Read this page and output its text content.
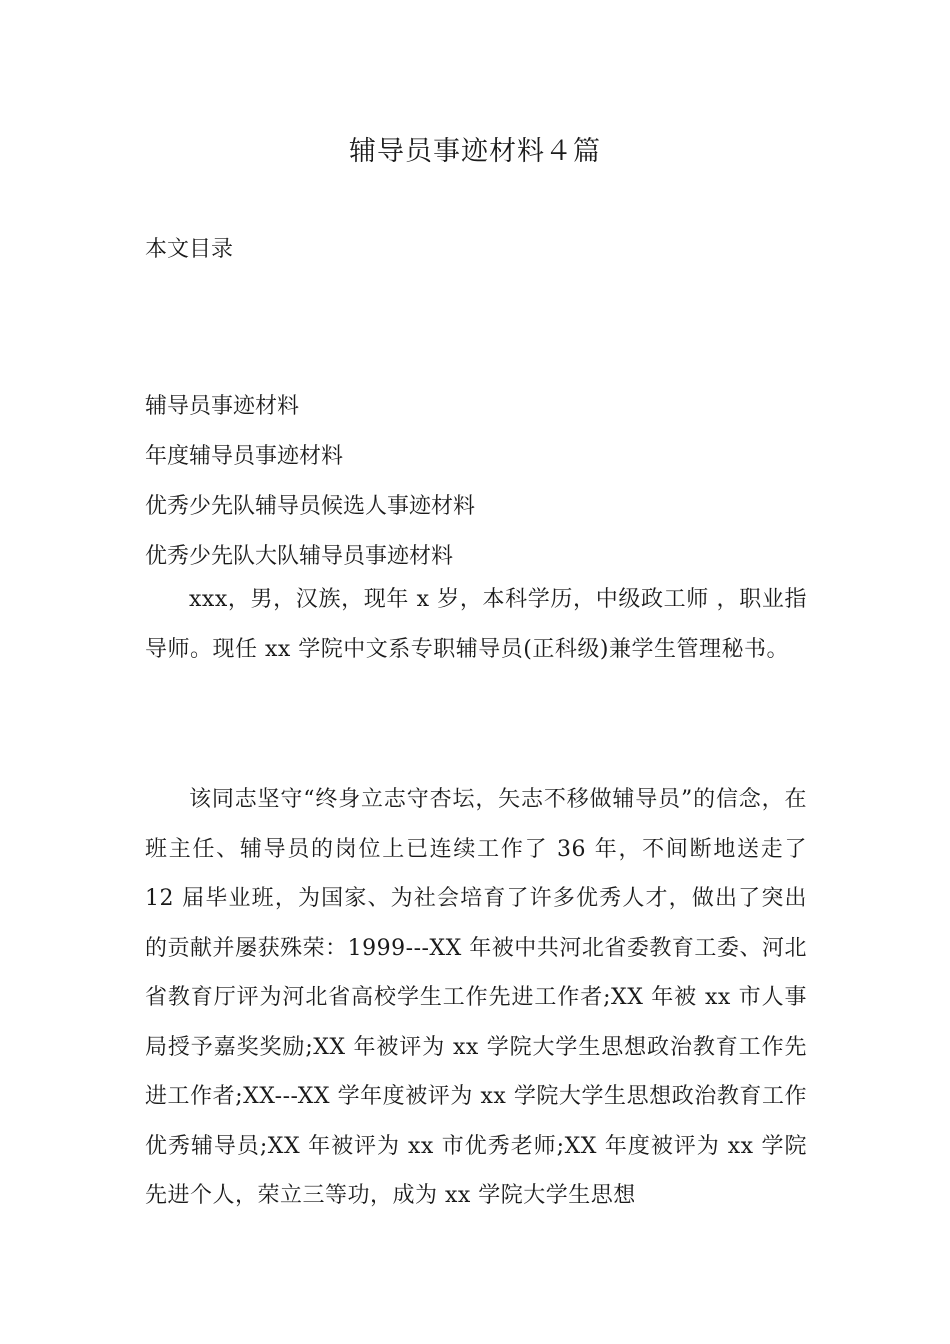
辅导员事迹材料４篇

本文目录

辅导员事迹材料
年度辅导员事迹材料
优秀少先队辅导员候选人事迹材料
优秀少先队大队辅导员事迹材料

xxx，男，汉族，现年 x 岁，本科学历，中级政工师 ，职业指导师。现任 xx 学院中文系专职辅导员(正科级)兼学生管理秘书。

该同志坚守“终身立志守杏坛，矢志不移做辅导员”的信念，在班主任、辅导员的岗位上已连续工作了 36 年，不间断地送走了 12 届毕业班，为国家、为社会培育了许多优秀人才，做出了突出的贡献并屡获殊荣：1999---XX 年被中共河北省委教育工委、河北省教育厅评为河北省高校学生工作先进工作者;XX 年被 xx 市人事局授予嘉奖奖励;XX 年被评为 xx 学院大学生思想政治教育工作先进工作者;XX---XX 学年度被评为 xx 学院大学生思想政治教育工作优秀辅导员;XX 年被评为 xx 市优秀老师;XX 年度被评为 xx 学院先进个人，荣立三等功，成为 xx 学院大学生思想
